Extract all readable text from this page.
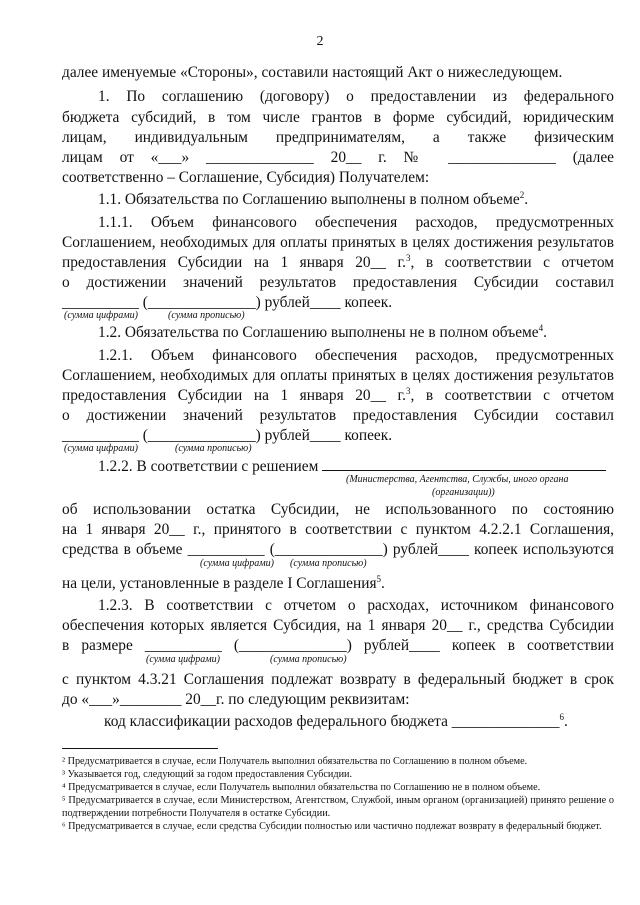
2
далее именуемые «Стороны», составили настоящий Акт о нижеследующем.
1. По соглашению (договору) о предоставлении из федерального
бюджета субсидий, в том числе грантов в форме субсидий, юридическим
лицам, индивидуальным предпринимателям, а также физическим
лицам от «___» ______________ 20__ г. № ______________ (далее
соответственно – Соглашение, Субсидия) Получателем:
1.1. Обязательства по Соглашению выполнены в полном объеме$^2$.
1.1.1. Объем финансового обеспечения расходов, предусмотренных
Соглашением, необходимых для оплаты принятых в целях достижения результатов
предоставления Субсидии на 1 января 20__ г.$^3$, в соответствии с отчетом
о достижении значений результатов предоставления Субсидии составил
__________ (______________) рублей____ копеек.
(сумма цифрами)	(сумма прописью)
1.2. Обязательства по Соглашению выполнены не в полном объеме$^4$.
1.2.1. Объем финансового обеспечения расходов, предусмотренных
Соглашением, необходимых для оплаты принятых в целях достижения результатов
предоставления Субсидии на 1 января 20__ г.$^3$, в соответствии с отчетом
о достижении значений результатов предоставления Субсидии составил
__________ (______________) рублей____ копеек.
(сумма цифрами)	(сумма прописью)
1.2.2. В соответствии с решением
(Министерства, Агентства, Службы, иного органа
(организации))
об использовании остатка Субсидии, не использованного по состоянию
на 1 января 20__ г., принятого в соответствии с пунктом 4.2.2.1 Соглашения,
средства в объеме __________ (______________) рублей____ копеек используются
(сумма цифрами) (сумма прописью)
на цели, установленные в разделе I Соглашения$^5$.
1.2.3. В соответствии с отчетом о расходах, источником финансового
обеспечения которых является Субсидия, на 1 января 20__ г., средства Субсидии
в размере __________ (______________) рублей____ копеек в соответствии
(сумма цифрами)	(сумма прописью)
с пунктом 4.3.21 Соглашения подлежат возврату в федеральный бюджет в срок
до «___»________ 20__г. по следующим реквизитам:
код классификации расходов федерального бюджета ______________$^6$.
² Предусматривается в случае, если Получатель выполнил обязательства по Соглашению в полном объеме.
³ Указывается год, следующий за годом предоставления Субсидии.
⁴ Предусматривается в случае, если Получатель выполнил обязательства по Соглашению не в полном объеме.
⁵ Предусматривается в случае, если Министерством, Агентством, Службой, иным органом (организацией) принято решение о подтверждении потребности Получателя в остатке Субсидии.
⁶ Предусматривается в случае, если средства Субсидии полностью или частично подлежат возврату в федеральный бюджет.
